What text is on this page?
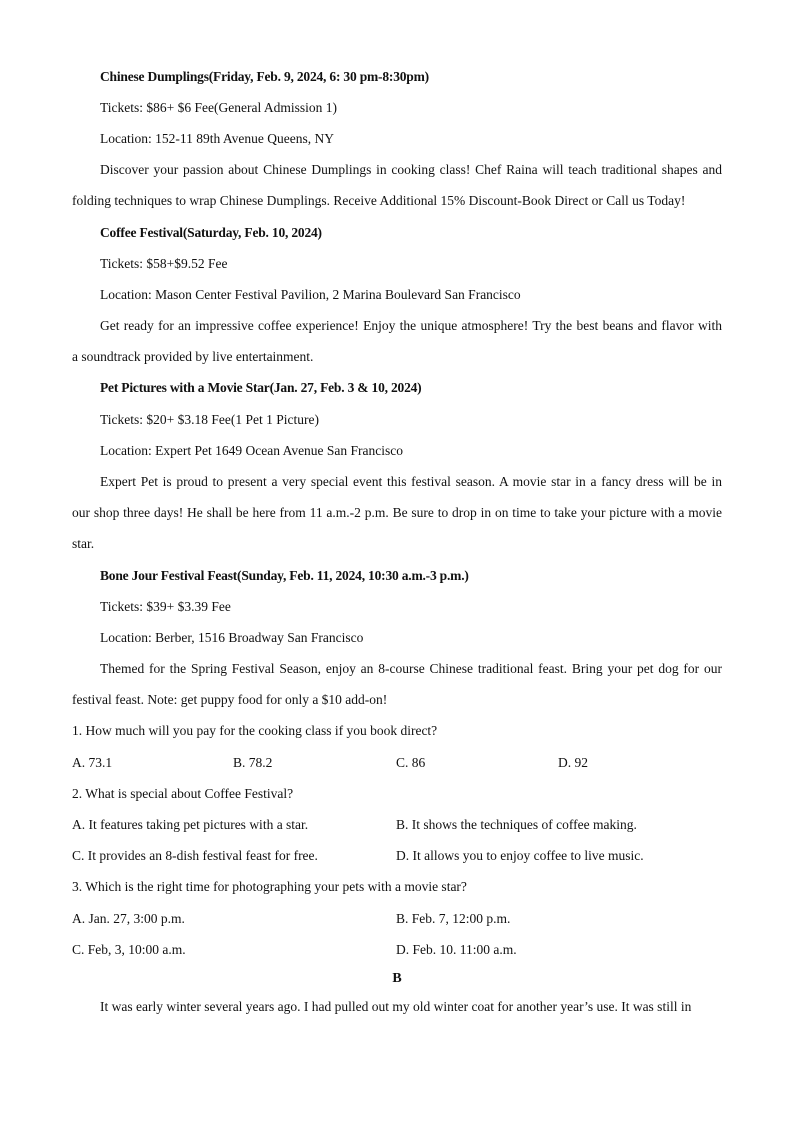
Chinese Dumplings(Friday, Feb. 9, 2024, 6: 30 pm-8:30pm)
Tickets: $86+ $6 Fee(General Admission 1)
Location: 152-11 89th Avenue Queens, NY
Discover your passion about Chinese Dumplings in cooking class! Chef Raina will teach traditional shapes and
folding techniques to wrap Chinese Dumplings. Receive Additional 15% Discount-Book Direct or Call us Today!
Coffee Festival(Saturday, Feb. 10, 2024)
Tickets: $58+$9.52 Fee
Location: Mason Center Festival Pavilion, 2 Marina Boulevard San Francisco
Get ready for an impressive coffee experience! Enjoy the unique atmosphere! Try the best beans and flavor with
a soundtrack provided by live entertainment.
Pet Pictures with a Movie Star(Jan. 27, Feb. 3 & 10, 2024)
Tickets: $20+ $3.18 Fee(1 Pet 1 Picture)
Location: Expert Pet 1649 Ocean Avenue San Francisco
Expert Pet is proud to present a very special event this festival season. A movie star in a fancy dress will be in
our shop three days! He shall be here from 11 a.m.-2 p.m. Be sure to drop in on time to take your picture with a movie
star.
Bone Jour Festival Feast(Sunday, Feb. 11, 2024, 10:30 a.m.-3 p.m.)
Tickets: $39+ $3.39 Fee
Location: Berber, 1516 Broadway San Francisco
Themed for the Spring Festival Season, enjoy an 8-course Chinese traditional feast. Bring your pet dog for our
festival feast. Note: get puppy food for only a $10 add-on!
1. How much will you pay for the cooking class if you book direct?
A. 73.1	B. 78.2	C. 86	D. 92
2. What is special about Coffee Festival?
A. It features taking pet pictures with a star.	B. It shows the techniques of coffee making.
C. It provides an 8-dish festival feast for free.	D. It allows you to enjoy coffee to live music.
3. Which is the right time for photographing your pets with a movie star?
A. Jan. 27, 3:00 p.m.	B. Feb. 7, 12:00 p.m.
C. Feb, 3, 10:00 a.m.	D. Feb. 10. 11:00 a.m.
B
It was early winter several years ago. I had pulled out my old winter coat for another year’s use. It was still in
